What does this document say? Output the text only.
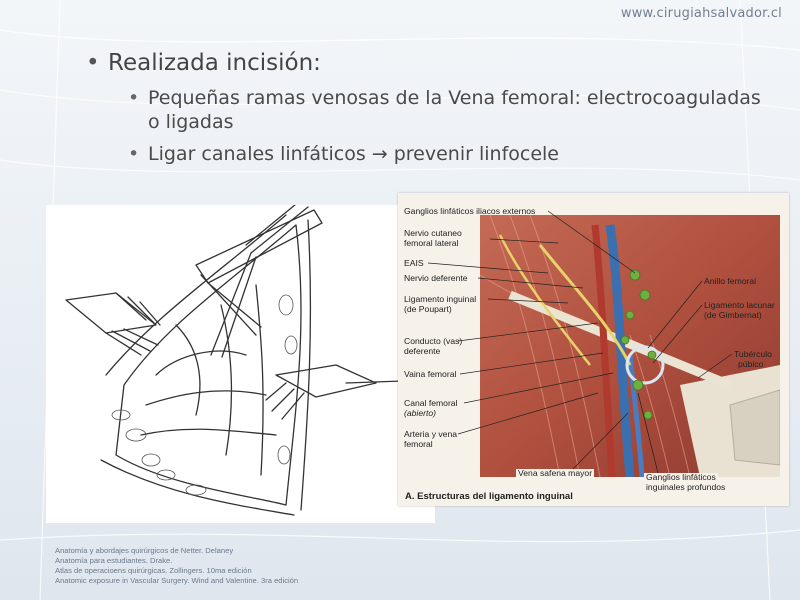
www.cirugiahsalvador.cl
• Realizada incisión:
• Pequeñas ramas venosas de la Vena femoral: electrocoaguladas o ligadas
• Ligar canales linfáticos → prevenir linfocele
Ganglios linfáticos iliacos externos
Nervio cutaneo
femoral lateral
EAIS
Nervio deferente
Ligamento inguinal
(de Poupart)
Conducto (vas)
deferente
Vaina femoral
Canal femoral
(abierto)
Arteria y vena
femoral
Anillo femoral
Ligamento lacunar
(de Gimbernat)
Tubérculo
púbico
Vena safena mayor	Ganglios linfáticos
inguinales profundos
A. Estructuras del ligamento inguinal
Anatomía y abordajes quirúrgicos de Netter. Delaney
Anatomía para estudiantes. Drake.
Atlas de operacioens quirúrgicas. Zollingers. 10ma edición
Anatomic exposure in Vascular Surgery. Wind and Valentine. 3ra edición
